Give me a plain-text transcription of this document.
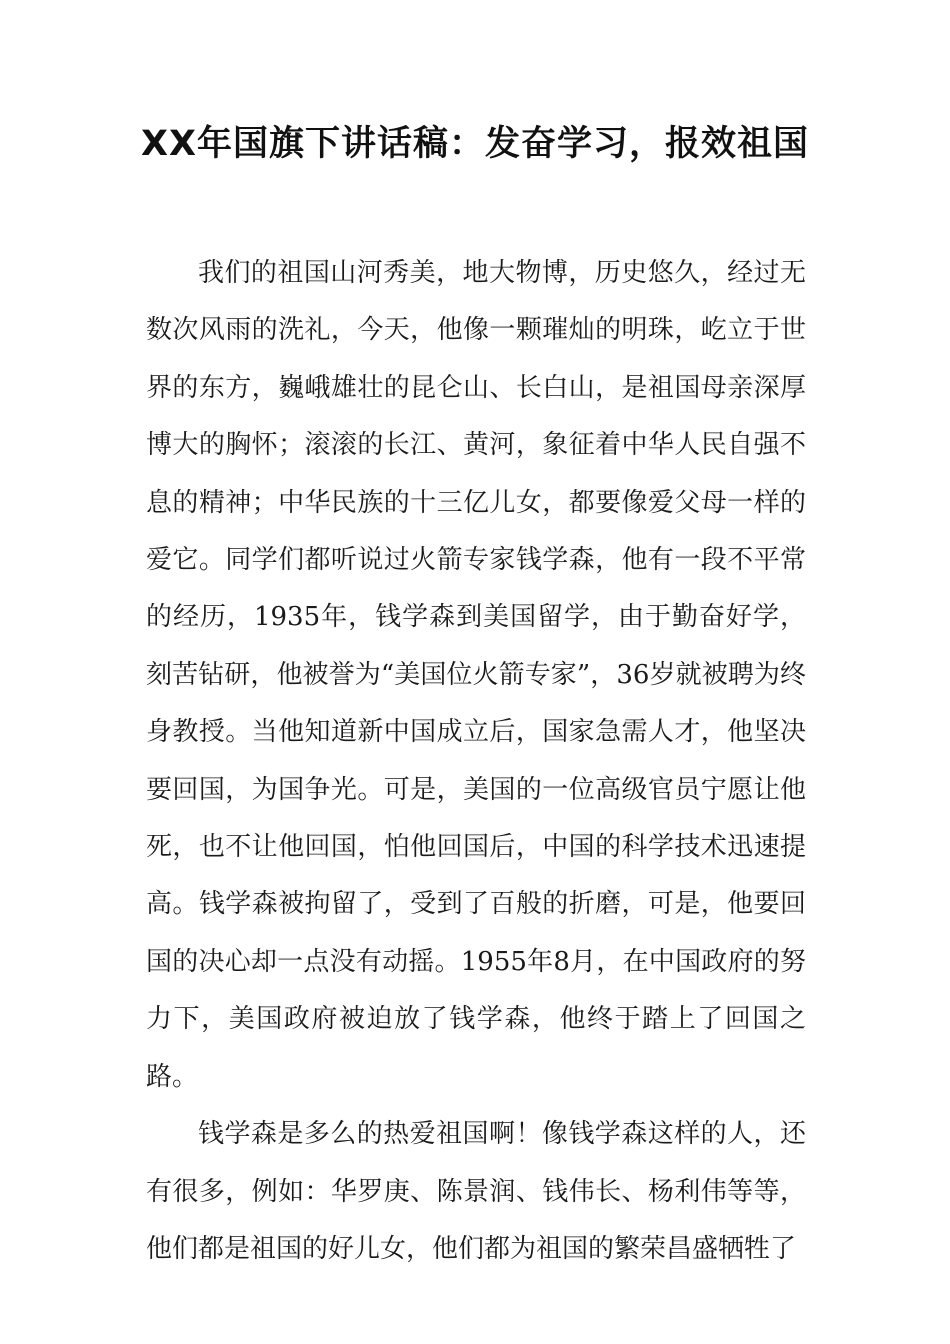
XX年国旗下讲话稿：发奋学习，报效祖国

我们的祖国山河秀美，地大物博，历史悠久，经过无数次风雨的洗礼，今天，他像一颗璀灿的明珠，屹立于世界的东方，巍峨雄壮的昆仑山、长白山，是祖国母亲深厚博大的胸怀；滚滚的长江、黄河，象征着中华人民自强不息的精神；中华民族的十三亿儿女，都要像爱父母一样的爱它。同学们都听说过火箭专家钱学森，他有一段不平常的经历，1935年，钱学森到美国留学，由于勤奋好学，刻苦钻研，他被誉为“美国位火箭专家”，36岁就被聘为终身教授。当他知道新中国成立后，国家急需人才，他坚决要回国，为国争光。可是，美国的一位高级官员宁愿让他死，也不让他回国，怕他回国后，中国的科学技术迅速提高。钱学森被拘留了，受到了百般的折磨，可是，他要回国的决心却一点没有动摇。1955年8月，在中国政府的努力下，美国政府被迫放了钱学森，他终于踏上了回国之路。

钱学森是多么的热爱祖国啊！像钱学森这样的人，还有很多，例如：华罗庚、陈景润、钱伟长、杨利伟等等，他们都是祖国的好儿女，他们都为祖国的繁荣昌盛牺牲了
